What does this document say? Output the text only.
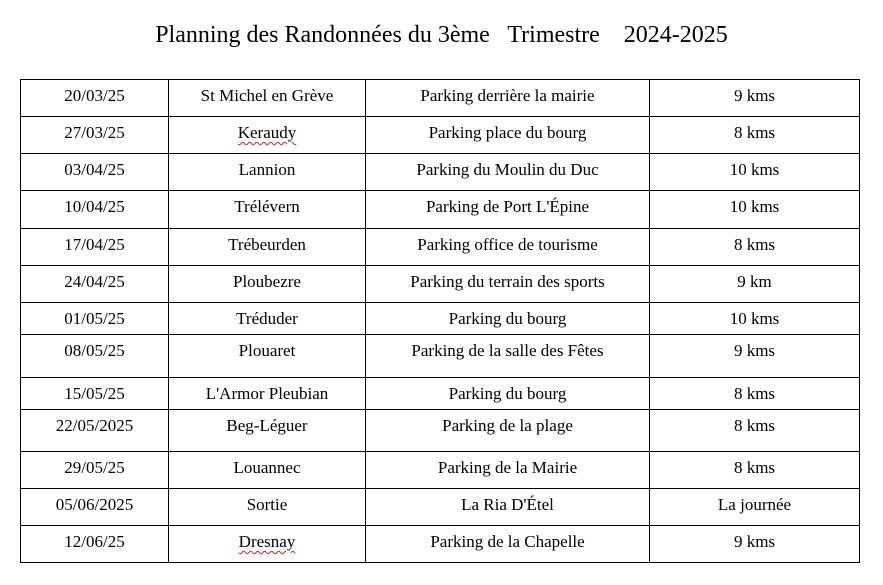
Planning des Randonnées du 3ème   Trimestre    2024-2025
20/03/25	St Michel en Grève	Parking derrière la mairie	9 kms
27/03/25	Keraudy	Parking place du bourg	8 kms
03/04/25	Lannion	Parking du Moulin du Duc	10 kms
10/04/25	Trélévern	Parking de Port L'Épine	10 kms
17/04/25	Trébeurden	Parking office de tourisme	8 kms
24/04/25	Ploubezre	Parking du terrain des sports	9 km
01/05/25	Tréduder	Parking du bourg	10 kms
08/05/25	Plouaret	Parking de la salle des Fêtes	9 kms
15/05/25	L'Armor Pleubian	Parking du bourg	8 kms
22/05/2025	Beg-Léguer	Parking de la plage	8 kms
29/05/25	Louannec	Parking de la Mairie	8 kms
05/06/2025	Sortie	La Ria D'Étel	La journée
12/06/25	Dresnay	Parking de la Chapelle	9 kms
